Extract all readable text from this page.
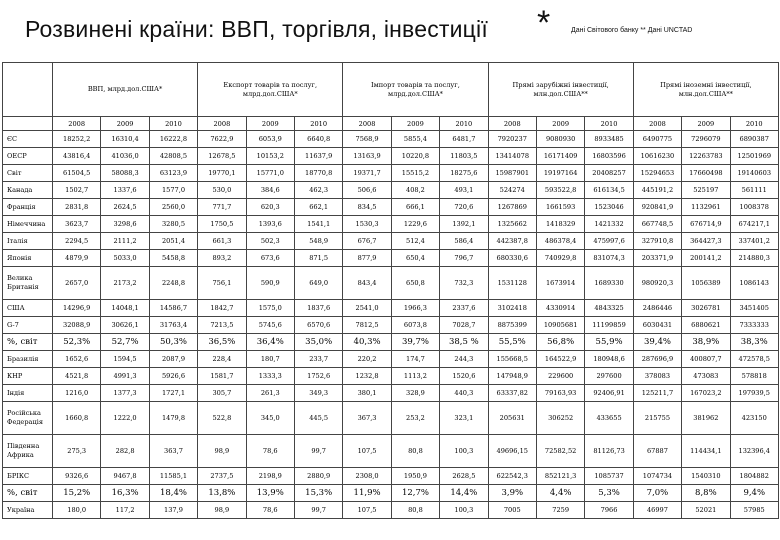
Розвинені країни: ВВП, торгівля, інвестиції *	Дані Світового банку ** Дані UNCTAD
	ВВП, млрд.дол.США*			Експорт товарів та послуг, млрд.дол.США*			Імпорт товарів та послуг, млрд.дол.США*			Прямі зарубіжні інвестиції, млн.дол.США**			Прямі іноземні інвестиції, млн.дол.США**		
	2008	2009	2010	2008	2009	2010	2008	2009	2010	2008	2009	2010	2008	2009	2010
ЄС	18252,2	16310,4	16222,8	7622,9	6053,9	6640,8	7568,9	5855,4	6481,7	7920237	9080930	8933485	6490775	7296079	6890387
ОЕСР	43816,4	41036,0	42808,5	12678,5	10153,2	11637,9	13163,9	10220,8	11803,5	13414078	16171409	16803596	10616230	12263783	12501969
Світ	61504,5	58088,3	63123,9	19770,1	15771,0	18770,8	19371,7	15515,2	18275,6	15987901	19197164	20408257	15294653	17660498	19140603
Канада	1502,7	1337,6	1577,0	530,0	384,6	462,3	506,6	408,2	493,1	524274	593522,8	616134,5	445191,2	525197	561111
Франція	2831,8	2624,5	2560,0	771,7	620,3	662,1	834,5	666,1	720,6	1267869	1661593	1523046	920841,9	1132961	1008378
Німеччина	3623,7	3298,6	3280,5	1750,5	1393,6	1541,1	1530,3	1229,6	1392,1	1325662	1418329	1421332	667748,5	676714,9	674217,1
Італія	2294,5	2111,2	2051,4	661,3	502,3	548,9	676,7	512,4	586,4	442387,8	486378,4	475997,6	327910,8	364427,3	337401,2
Японія	4879,9	5033,0	5458,8	893,2	673,6	871,5	877,9	650,4	796,7	680330,6	740929,8	831074,3	203371,9	200141,2	214880,3
Велика Британія	2657,0	2173,2	2248,8	756,1	590,9	649,0	843,4	650,8	732,3	1531128	1673914	1689330	980920,3	1056389	1086143
США	14296,9	14048,1	14586,7	1842,7	1575,0	1837,6	2541,0	1966,3	2337,6	3102418	4330914	4843325	2486446	3026781	3451405
G-7	32088,9	30626,1	31763,4	7213,5	5745,6	6570,6	7812,5	6073,8	7028,7	8875399	10905681	11199859	6030431	6880621	7333333
%, світ	52,3%	52,7%	50,3%	36,5%	36,4%	35,0%	40,3%	39,7%	38,5 %	55,5%	56,8%	55,9%	39,4%	38,9%	38,3%
Бразилія	1652,6	1594,5	2087,9	228,4	180,7	233,7	220,2	174,7	244,3	155668,5	164522,9	180948,6	287696,9	400807,7	472578,5
КНР	4521,8	4991,3	5926,6	1581,7	1333,3	1752,6	1232,8	1113,2	1520,6	147948,9	229600	297600	378083	473083	578818
Індія	1216,0	1377,3	1727,1	305,7	261,3	349,3	380,1	328,9	440,3	63337,82	79163,93	92406,91	125211,7	167023,2	197939,5
Російська Федерація	1660,8	1222,0	1479,8	522,8	345,0	445,5	367,3	253,2	323,1	205631	306252	433655	215755	381962	423150
Південна Африка	275,3	282,8	363,7	98,9	78,6	99,7	107,5	80,8	100,3	49696,15	72582,52	81126,73	67887	114434,1	132396,4
БРІКС	9326,6	9467,8	11585,1	2737,5	2198,9	2880,9	2308,0	1950,9	2628,5	622542,3	852121,3	1085737	1074734	1540310	1804882
%, світ	15,2%	16,3%	18,4%	13,8%	13,9%	15,3%	11,9%	12,7%	14,4%	3,9%	4,4%	5,3%	7,0%	8,8%	9,4%
Україна	180,0	117,2	137,9	98,9	78,6	99,7	107,5	80,8	100,3	7005	7259	7966	46997	52021	57985
